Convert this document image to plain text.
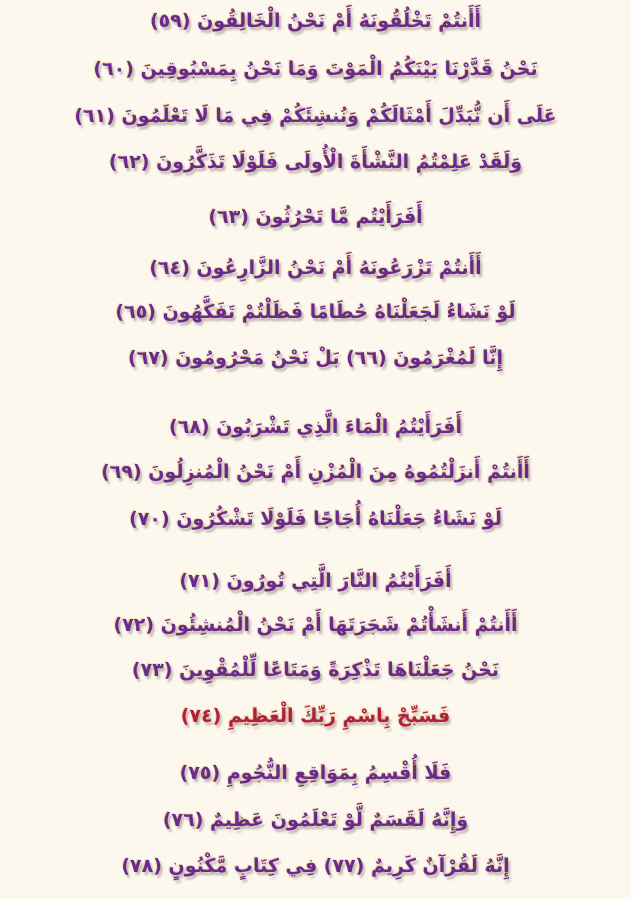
أَأَنتُمْ تَخْلُقُونَهُ أَمْ نَحْنُ الْخَالِقُونَ (٥٩)
نَحْنُ قَدَّرْنَا بَيْنَكُمُ الْمَوْتَ وَمَا نَحْنُ بِمَسْبُوقِينَ (٦٠)
عَلَى أَن نُّبَدِّلَ أَمْثَالَكُمْ وَنُنشِئَكُمْ فِي مَا لَا تَعْلَمُونَ (٦١)
وَلَقَدْ عَلِمْتُمُ النَّشْأَةَ الْأُولَى فَلَوْلَا تَذَكَّرُونَ (٦٢)
أَفَرَأَيْتُم مَّا تَحْرُثُونَ (٦٣)
أَأَنتُمْ تَزْرَعُونَهُ أَمْ نَحْنُ الزَّارِعُونَ (٦٤)
لَوْ نَشَاءُ لَجَعَلْنَاهُ حُطَامًا فَظَلْتُمْ تَفَكَّهُونَ (٦٥)
إِنَّا لَمُغْرَمُونَ (٦٦) بَلْ نَحْنُ مَحْرُومُونَ (٦٧)
أَفَرَأَيْتُمُ الْمَاءَ الَّذِي تَشْرَبُونَ (٦٨)
أَأَنتُمْ أَنزَلْتُمُوهُ مِنَ الْمُزْنِ أَمْ نَحْنُ الْمُنزِلُونَ (٦٩)
لَوْ نَشَاءُ جَعَلْنَاهُ أُجَاجًا فَلَوْلَا تَشْكُرُونَ (٧٠)
أَفَرَأَيْتُمُ النَّارَ الَّتِي تُورُونَ (٧١)
أَأَنتُمْ أَنشَأْتُمْ شَجَرَتَهَا أَمْ نَحْنُ الْمُنشِئُونَ (٧٢)
نَحْنُ جَعَلْنَاهَا تَذْكِرَةً وَمَتَاعًا لِّلْمُقْوِينَ (٧٣)
فَسَبِّحْ بِاسْمِ رَبِّكَ الْعَظِيمِ (٧٤)
فَلَا أُقْسِمُ بِمَوَاقِعِ النُّجُومِ (٧٥)
وَإِنَّهُ لَقَسَمٌ لَّوْ تَعْلَمُونَ عَظِيمٌ (٧٦)
إِنَّهُ لَقُرْآنٌ كَرِيمٌ (٧٧) فِي كِتَابٍ مَّكْنُونٍ (٧٨)
